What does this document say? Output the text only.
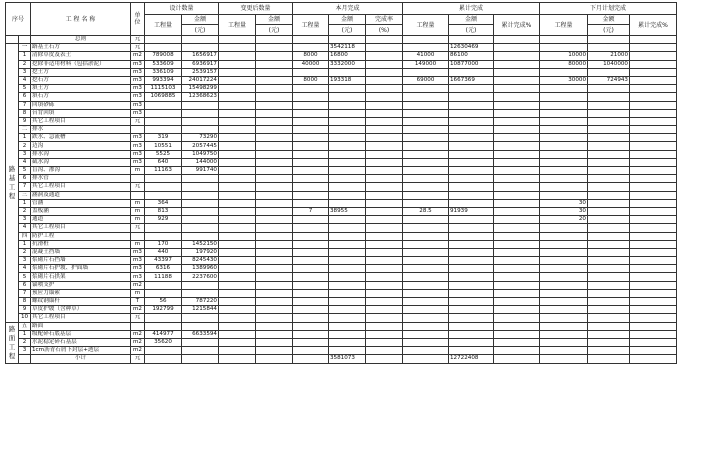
序号		工 程 名 称	单 位	设计数量		变更后数量		本月完成			累计完成			下月计划完成		
				工程量	金额	工程量	金额	工程量	金额	完成率	工程量	金额	累计完成%	工程量	金额	累计完成%
					(元)		(元)		(元)	(%)		(元)			(元)	
		总则	元													
路基工程	一	路基土石方	元						3542118			12630469				
	1	清除草皮及表土	m2	789008	1656917			8000	16800		41000	86100		10000	21000	
	2	挖除非适用材料（包括淤泥）	m3	533609	6936917			40000	3332000		149000	10877000		80000	1040000	
	3	挖土方	m3	336109	2539157											
	4	挖石方	m3	993394	24017224			8000	193318		69000	1667369		30000	724943	
	5	填土方	m3	1115103	15498299											
	6	填石方	m3	1069885	12368623											
	7	回填砂砾	m3													
	8	台背回填	m3													
	9	其它工程项目	元													
	二	排水														
	1	跌水、急流槽	m3	319	73290											
	2	边沟	m3	10551	2057445											
	3	排水沟	m3	5525	1049750											
	4	截水沟	m3	640	144000											
	5	盲沟、渗沟	m	11163	991740											
	6	排水管														
	7	其它工程项目	元													
	三	涵洞及通道														
	1	管涵	m	364										30		
	2	盖板涵	m	813				7	38955		28.5	91939		30		
	3	通道	m	929										20		
	4	其它工程项目	元													
	四	防护工程														
	1	抗滑桩	m	170	1452150											
	2	混凝土挡墙	m3	440	197920											
	3	浆砌片石挡墙	m3	43397	8245430											
	4	浆砌片石护坡、护面墙	m3	6316	1389960											
	5	浆砌片石拱架	m3	11188	2237600											
	6	锚喷支护	m2													
	7	预应力锚索	m													
	8	螺纹钢锚杆	T	56	787220											
	9	草皮护坡（含种草）	m2	192799	1215844											
	10	其它工程项目	元													
路面工程	五	路面														
	1	级配碎石底基层	m2	414977	6633594											
	2	水泥稳定碎石基层	m2	35620												
	3	1cm沥青石屑下封层+透层	m2													
		小计	元						3581073			12722408				
